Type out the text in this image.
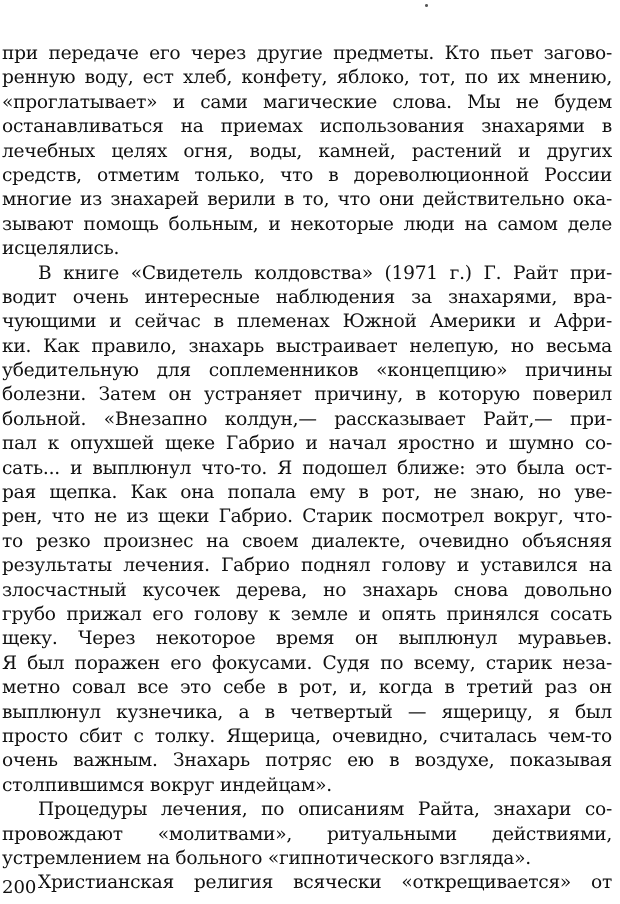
при передаче его через другие предметы. Кто пьет загово-
ренную воду, ест хлеб, конфету, яблоко, тот, по их мнению,
«проглатывает» и сами магические слова. Мы не будем
останавливаться на приемах использования знахарями в
лечебных целях огня, воды, камней, растений и других
средств, отметим только, что в дореволюционной России
многие из знахарей верили в то, что они действительно ока-
зывают помощь больным, и некоторые люди на самом деле
исцелялись.
В книге «Свидетель колдовства» (1971 г.) Г. Райт при-
водит очень интересные наблюдения за знахарями, вра-
чующими и сейчас в племенах Южной Америки и Афри-
ки. Как правило, знахарь выстраивает нелепую, но весьма
убедительную для соплеменников «концепцию» причины
болезни. Затем он устраняет причину, в которую поверил
больной. «Внезапно колдун,— рассказывает Райт,— при-
пал к опухшей щеке Габрио и начал яростно и шумно со-
сать... и выплюнул что-то. Я подошел ближе: это была ост-
рая щепка. Как она попала ему в рот, не знаю, но уве-
рен, что не из щеки Габрио. Старик посмотрел вокруг, что-
то резко произнес на своем диалекте, очевидно объясняя
результаты лечения. Габрио поднял голову и уставился на
злосчастный кусочек дерева, но знахарь снова довольно
грубо прижал его голову к земле и опять принялся сосать
щеку. Через некоторое время он выплюнул муравьев.
Я был поражен его фокусами. Судя по всему, старик неза-
метно совал все это себе в рот, и, когда в третий раз он
выплюнул кузнечика, а в четвертый — ящерицу, я был
просто сбит с толку. Ящерица, очевидно, считалась чем-то
очень важным. Знахарь потряс ею в воздухе, показывая
столпившимся вокруг индейцам».
Процедуры лечения, по описаниям Райта, знахари со-
провождают «молитвами», ритуальными действиями,
устремлением на больного «гипнотического взгляда».
Христианская религия всячески «открещивается» от
200
